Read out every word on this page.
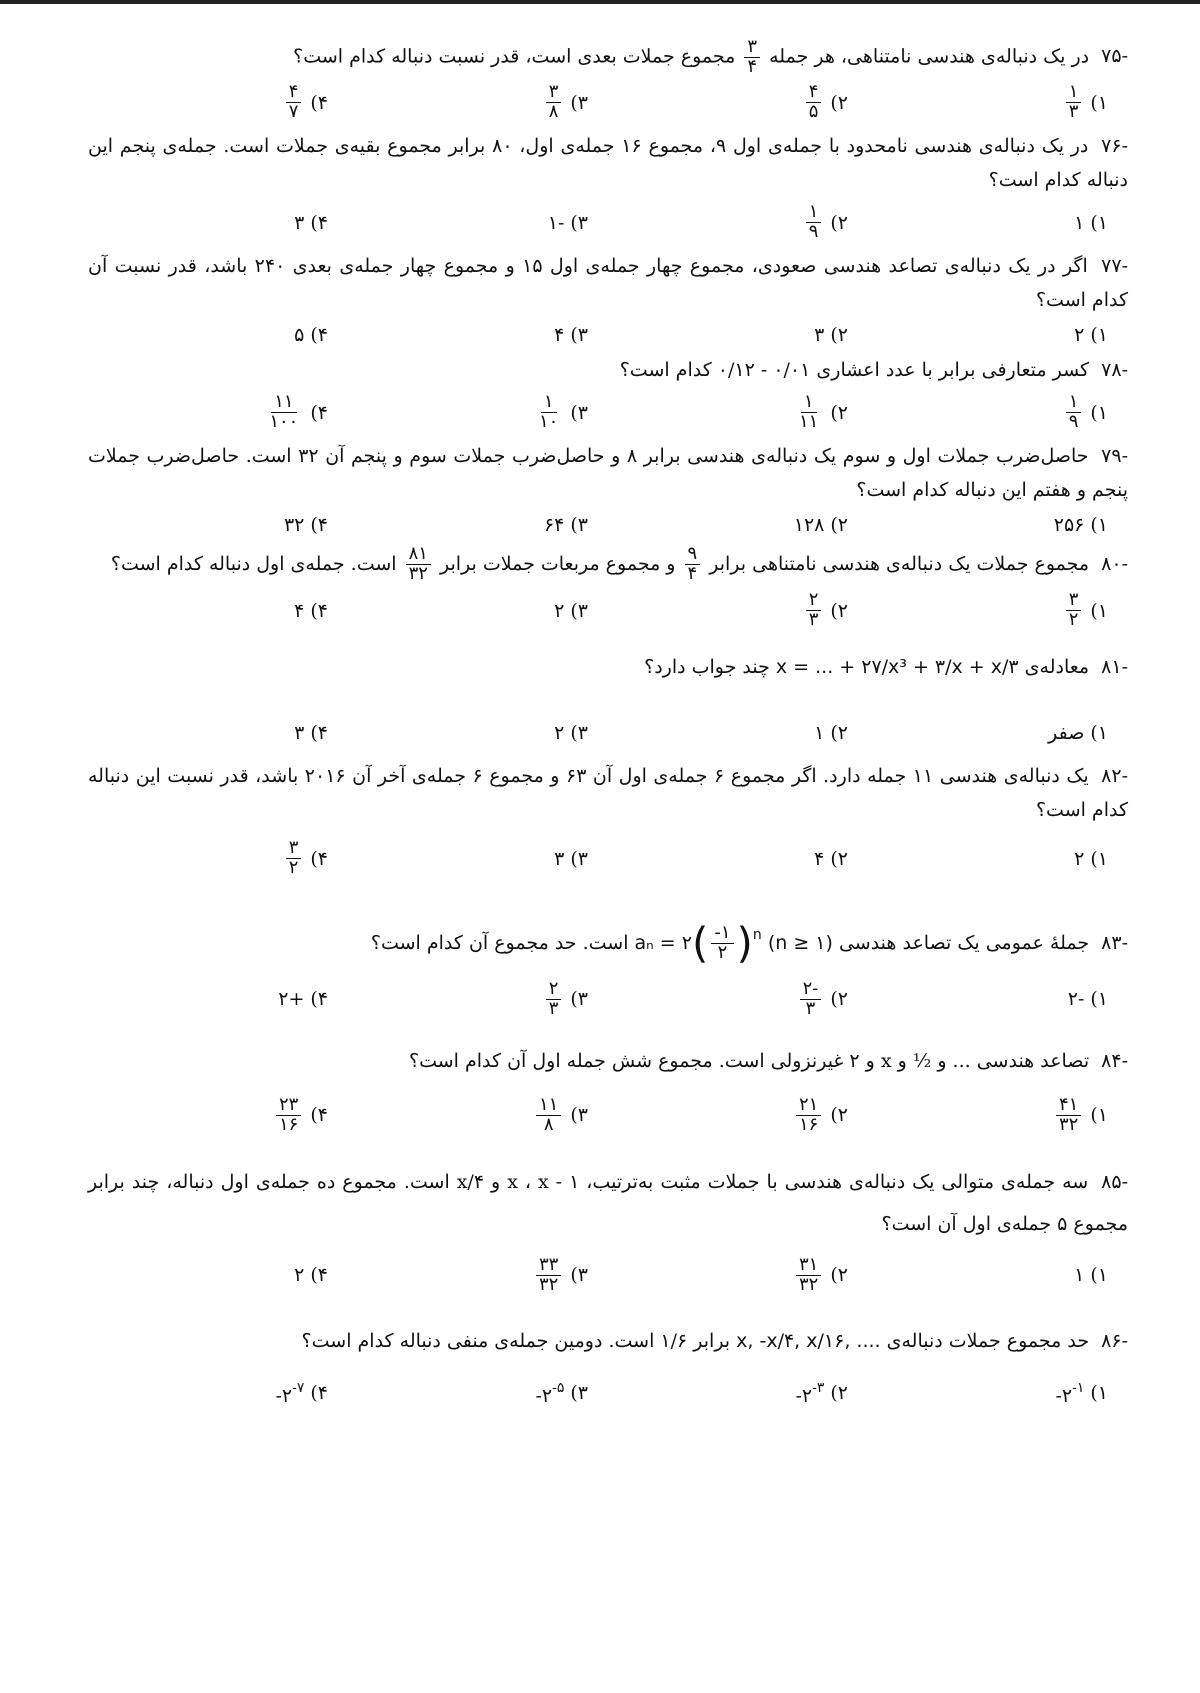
-۷۵ در یک دنباله‌ی هندسی نامتناهی، هر جمله
$\frac{۳}{۴}$
مجموع جملات بعدی است، قدر نسبت دنباله کدام است؟
۱)
$\frac{۱}{۳}$
۲)
$\frac{۴}{۵}$
۳)
$\frac{۳}{۸}$
۴)
$\frac{۴}{۷}$
-۷۶ در یک دنباله‌ی هندسی نامحدود با جمله‌ی اول ۹، مجموع ۱۶ جمله‌ی اول، ۸۰ برابر مجموع بقیه‌ی جملات است. جمله‌ی پنجم این دنباله کدام است؟
۱)
۱
۲)
$\frac{۱}{۹}$
۳)
-۱
۴)
۳
-۷۷ اگر در یک دنباله‌ی تصاعد هندسی صعودی، مجموع چهار جمله‌ی اول ۱۵ و مجموع چهار جمله‌ی بعدی ۲۴۰ باشد، قدر نسبت آن کدام است؟
۱)
۲
۲)
۳
۳)
۴
۴)
۵
-۷۸ کسر متعارفی برابر با عدد اعشاری ۰/۱۲ - ۰/۰۱ کدام است؟
۱)
$\frac{۱}{۹}$
۲)
$\frac{۱}{۱۱}$
۳)
$\frac{۱}{۱۰}$
۴)
$\frac{۱۱}{۱۰۰}$
-۷۹ حاصل‌ضرب جملات اول و سوم یک دنباله‌ی هندسی برابر ۸ و حاصل‌ضرب جملات سوم و پنجم آن ۳۲ است. حاصل‌ضرب جملات پنجم و هفتم این دنباله کدام است؟
۱)
۲۵۶
۲)
۱۲۸
۳)
۶۴
۴)
۳۲
-۸۰ مجموع جملات یک دنباله‌ی هندسی نامتناهی برابر
$\frac{۹}{۴}$
و مجموع مربعات جملات برابر
$\frac{۸۱}{۳۲}$
است. جمله‌ی اول دنباله کدام است؟
۱)
$\frac{۳}{۲}$
۲)
$\frac{۲}{۳}$
۳)
۲
۴)
۴
-۸۱ معادله‌ی x = ... + ۲۷/x³ + ۳/x + x/۳ چند جواب دارد؟
۱)
صفر
۲)
۱
۳)
۲
۴)
۳
-۸۲ یک دنباله‌ی هندسی ۱۱ جمله دارد. اگر مجموع ۶ جمله‌ی اول آن ۶۳ و مجموع ۶ جمله‌ی آخر آن ۲۰۱۶ باشد، قدر نسبت این دنباله کدام است؟
۱)
۲
۲)
۴
۳)
۳
۴)
$\frac{۳}{۲}$
-۸۳ جملهٔ عمومی یک تصاعد هندسی (n ≥ ۱) aₙ = ۲( $\frac{-۱}{۲} )^n$ است. حد مجموع آن کدام است؟
۱)
-۲
۲)
$\frac{-۲}{۳}$
۳)
$\frac{۲}{۳}$
۴)
+۲
-۸۴ تصاعد هندسی ... و ½ و x و ۲ غیرنزولی است. مجموع شش جمله اول آن کدام است؟
۱)
$\frac{۴۱}{۳۲}$
۲)
$\frac{۲۱}{۱۶}$
۳)
$\frac{۱۱}{۸}$
۴)
$\frac{۲۳}{۱۶}$
-۸۵ سه جمله‌ی متوالی یک دنباله‌ی هندسی با جملات مثبت به‌ترتیب، x ، x - ۱ و x/۴ است. مجموع ده جمله‌ی اول دنباله، چند برابر مجموع ۵ جمله‌ی اول آن است؟
۱)
۱
۲)
$\frac{۳۱}{۳۲}$
۳)
$\frac{۳۳}{۳۲}$
۴)
۲
-۸۶ حد مجموع جملات دنباله‌ی x, -x/۴, x/۱۶, .... برابر ۱/۶ است. دومین جمله‌ی منفی دنباله کدام است؟
۱)
$-۲^{-۱}$
۲)
$-۲^{-۳}$
۳)
$-۲^{-۵}$
۴)
$-۲^{-۷}$
